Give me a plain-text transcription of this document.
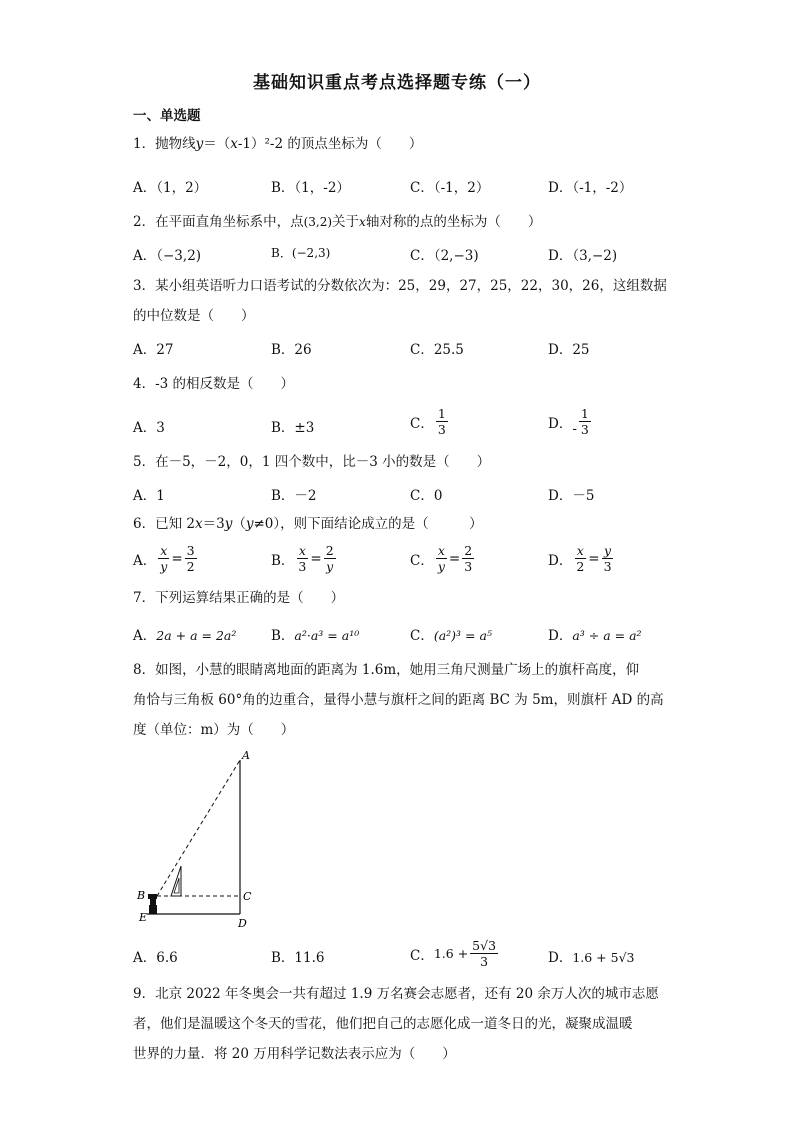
基础知识重点考点选择题专练（一）
一、单选题
1．抛物线y＝（x-1）²-2 的顶点坐标为（　　）
A．（1，2）	B．（1，-2）	C．（-1，2）	D．（-1，-2）
2．在平面直角坐标系中，点(3,2)关于x轴对称的点的坐标为（　　）
A．（−3,2)	B．(−2,3)	C．（2,−3)	D．（3,−2)
3．某小组英语听力口语考试的分数依次为：25，29，27，25，22，30，26，这组数据
的中位数是（　　）
A．27	B．26	C．25.5	D．25
4．-3 的相反数是（　　）
A．3	B．±3	C． $\frac{1}{3}$	D． - $\frac{1}{3}$
5．在－5，－2，0，1 四个数中，比－3 小的数是（　　）
A．1	B．－2	C．0	D．－5
6．已知 2x＝3y（y≠0），则下面结论成立的是（　　　）
A． $\frac{x}{y} = \frac{3}{2}$	B． $\frac{x}{3} = \frac{2}{y}$	C． $\frac{x}{y} = \frac{2}{3}$	D． $\frac{x}{2} = \frac{y}{3}$
7．下列运算结果正确的是（　　）
A．2a + a = 2a²	B．a²·a³ = a¹⁰	C．(a²)³ = a⁵	D．a³ ÷ a = a²
8．如图，小慧的眼睛离地面的距离为 1.6m，她用三角尺测量广场上的旗杆高度，仰
角恰与三角板 60°角的边重合，量得小慧与旗杆之间的距离 BC 为 5m，则旗杆 AD 的高
度（单位：m）为（　　）
A
B	C
D
E
A．6.6	B．11.6	C． $1.6 + \frac{5√3}{3}$	D．1.6 + 5√3
9．北京 2022 年冬奥会一共有超过 1.9 万名赛会志愿者，还有 20 余万人次的城市志愿
者，他们是温暖这个冬天的雪花，他们把自己的志愿化成一道冬日的光，凝聚成温暖
世界的力量．将 20 万用科学记数法表示应为（　　）
